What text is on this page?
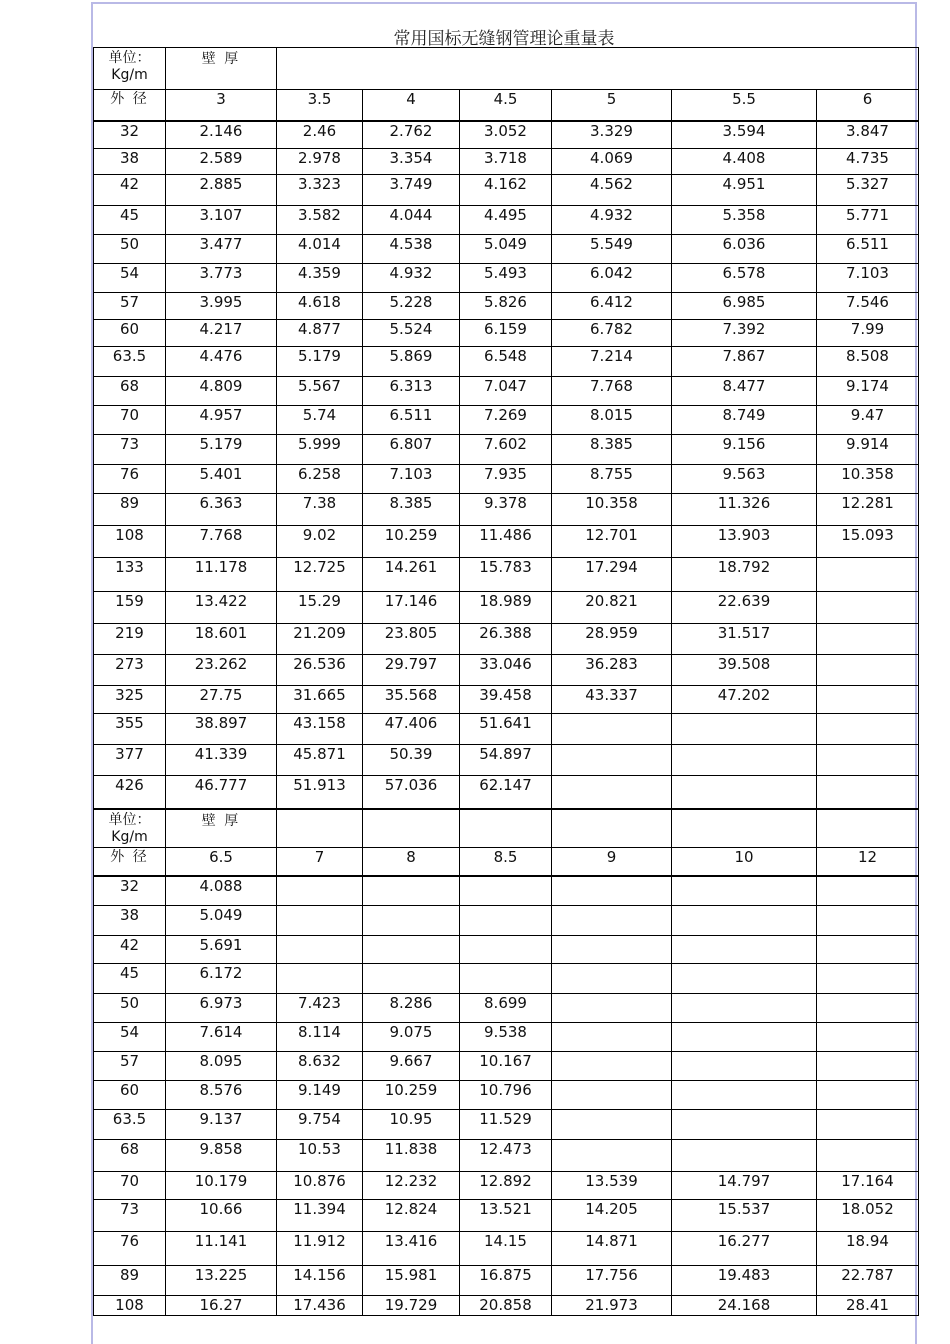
常用国标无缝钢管理论重量表
单位：
Kg/m	壁 厚						
外 径	3	3.5	4	4.5	5	5.5	6
32	2.146	2.46	2.762	3.052	3.329	3.594	3.847
38	2.589	2.978	3.354	3.718	4.069	4.408	4.735
42	2.885	3.323	3.749	4.162	4.562	4.951	5.327
45	3.107	3.582	4.044	4.495	4.932	5.358	5.771
50	3.477	4.014	4.538	5.049	5.549	6.036	6.511
54	3.773	4.359	4.932	5.493	6.042	6.578	7.103
57	3.995	4.618	5.228	5.826	6.412	6.985	7.546
60	4.217	4.877	5.524	6.159	6.782	7.392	7.99
63.5	4.476	5.179	5.869	6.548	7.214	7.867	8.508
68	4.809	5.567	6.313	7.047	7.768	8.477	9.174
70	4.957	5.74	6.511	7.269	8.015	8.749	9.47
73	5.179	5.999	6.807	7.602	8.385	9.156	9.914
76	5.401	6.258	7.103	7.935	8.755	9.563	10.358
89	6.363	7.38	8.385	9.378	10.358	11.326	12.281
108	7.768	9.02	10.259	11.486	12.701	13.903	15.093
133	11.178	12.725	14.261	15.783	17.294	18.792	
159	13.422	15.29	17.146	18.989	20.821	22.639	
219	18.601	21.209	23.805	26.388	28.959	31.517	
273	23.262	26.536	29.797	33.046	36.283	39.508	
325	27.75	31.665	35.568	39.458	43.337	47.202	
355	38.897	43.158	47.406	51.641			
377	41.339	45.871	50.39	54.897			
426	46.777	51.913	57.036	62.147			
单位：
Kg/m	壁 厚						
外 径	6.5	7	8	8.5	9	10	12
32	4.088						
38	5.049						
42	5.691						
45	6.172						
50	6.973	7.423	8.286	8.699			
54	7.614	8.114	9.075	9.538			
57	8.095	8.632	9.667	10.167			
60	8.576	9.149	10.259	10.796			
63.5	9.137	9.754	10.95	11.529			
68	9.858	10.53	11.838	12.473			
70	10.179	10.876	12.232	12.892	13.539	14.797	17.164
73	10.66	11.394	12.824	13.521	14.205	15.537	18.052
76	11.141	11.912	13.416	14.15	14.871	16.277	18.94
89	13.225	14.156	15.981	16.875	17.756	19.483	22.787
108	16.27	17.436	19.729	20.858	21.973	24.168	28.41
